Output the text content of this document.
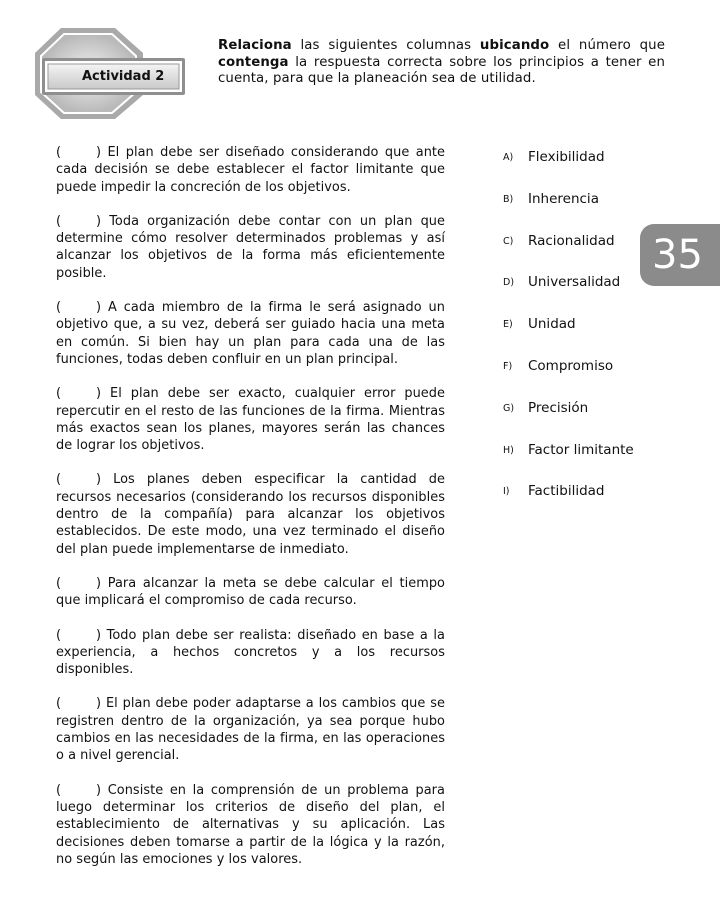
Actividad 2
Relaciona las siguientes columnas ubicando el número que contenga la respuesta correcta sobre los principios a tener en cuenta, para que la planeación sea de utilidad.
35

(	) El plan debe ser diseñado considerando que ante cada decisión se debe establecer el factor limitante que puede impedir la concreción de los objetivos.

(	) Toda organización debe contar con un plan que determine cómo resolver determinados problemas y así alcanzar los objetivos de la forma más eficientemente posible.

(	) A cada miembro de la firma le será asignado un objetivo que, a su vez, deberá ser guiado hacia una meta en común. Si bien hay un plan para cada una de las funciones, todas deben confluir en un plan principal.

(	) El plan debe ser exacto, cualquier error puede repercutir en el resto de las funciones de la firma. Mientras más exactos sean los planes, mayores serán las chances de lograr los objetivos.

(	) Los planes deben especificar la cantidad de recursos necesarios (considerando los recursos disponibles dentro de la compañía) para alcanzar los objetivos establecidos. De este modo, una vez terminado el diseño del plan puede implementarse de inmediato.

(	) Para alcanzar la meta se debe calcular el tiempo que implicará el compromiso de cada recurso.

(	) Todo plan debe ser realista: diseñado en base a la experiencia, a hechos concretos y a los recursos disponibles.

(	) El plan debe poder adaptarse a los cambios que se registren dentro de la organización, ya sea porque hubo cambios en las necesidades de la firma, en las operaciones o a nivel gerencial.

(	) Consiste en la comprensión de un problema para luego determinar los criterios de diseño del plan, el establecimiento de alternativas y su aplicación. Las decisiones deben tomarse a partir de la lógica y la razón, no según las emociones y los valores.

A)	Flexibilidad
B)	Inherencia
C)	Racionalidad
D)	Universalidad
E)	Unidad
F)	Compromiso
G)	Precisión
H)	Factor limitante
I)	Factibilidad
